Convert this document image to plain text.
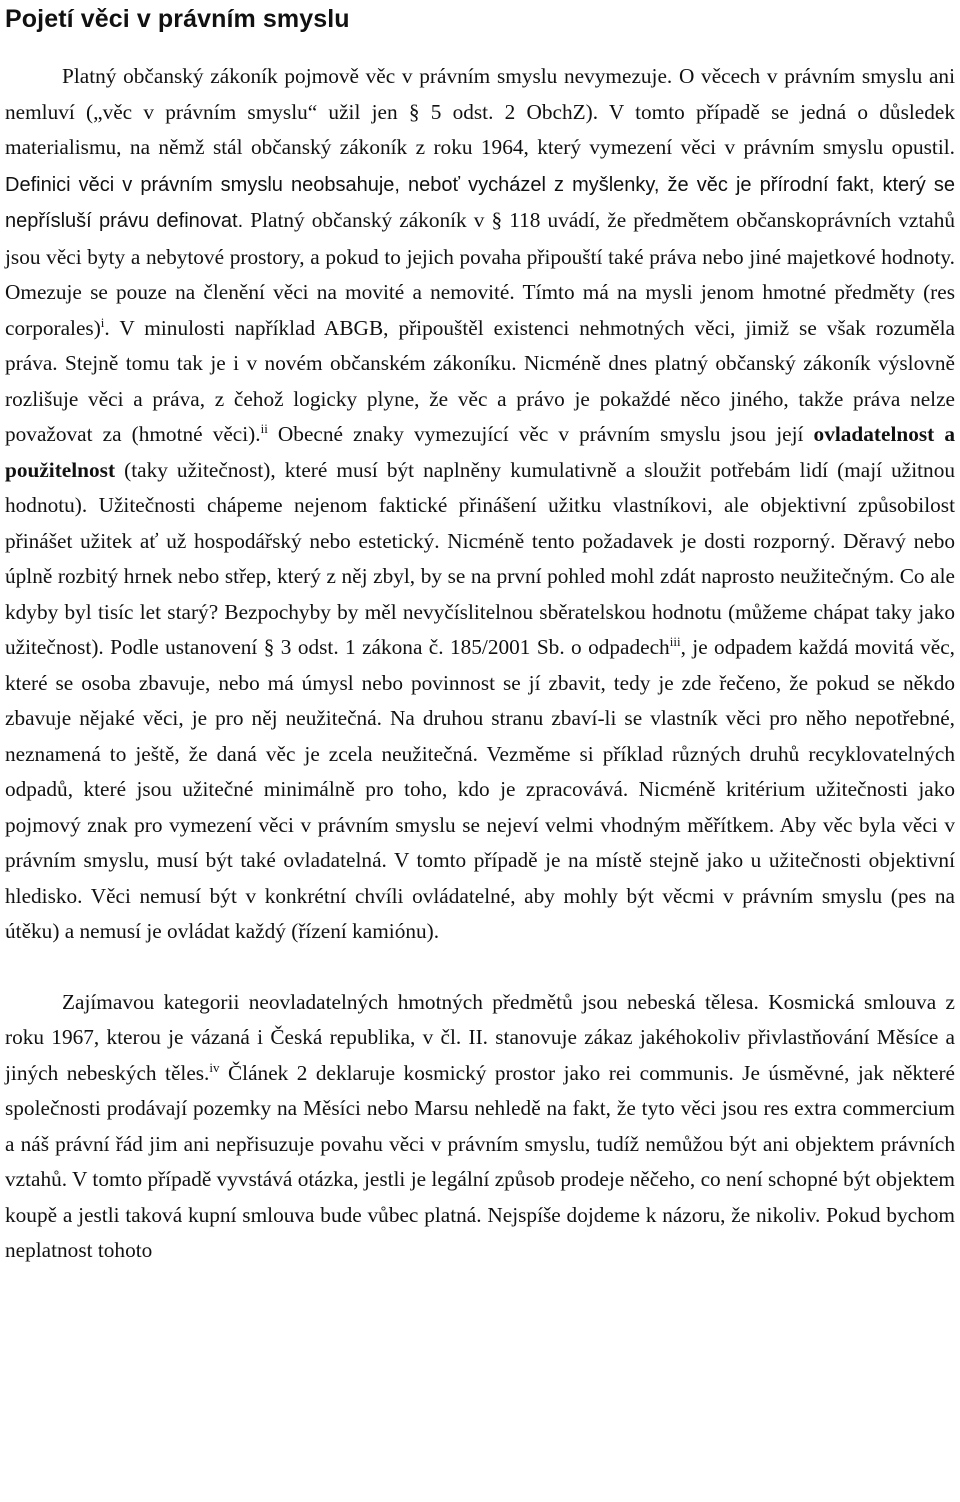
Pojetí věci v právním smyslu

Platný občanský zákoník pojmově věc v právním smyslu nevymezuje. O věcech v právním smyslu ani nemluví („věc v právním smyslu“ užil jen § 5 odst. 2 ObchZ). V tomto případě se jedná o důsledek materialismu, na němž stál občanský zákoník z roku 1964, který vymezení věci v právním smyslu opustil. Definici věci v právním smyslu neobsahuje, neboť vycházel z myšlenky, že věc je přírodní fakt, který se nepřísluší právu definovat. Platný občanský zákoník v § 118 uvádí, že předmětem občanskoprávních vztahů jsou věci byty a nebytové prostory, a pokud to jejich povaha připouští také práva nebo jiné majetkové hodnoty. Omezuje se pouze na členění věci na movité a nemovité. Tímto má na mysli jenom hmotné předměty (res corporales)$^i$. V minulosti například ABGB, připouštěl existenci nehmotných věci, jimiž se však rozuměla práva. Stejně tomu tak je i v novém občanském zákoníku. Nicméně dnes platný občanský zákoník výslovně rozlišuje věci a práva, z čehož logicky plyne, že věc a právo je pokaždé něco jiného, takže práva nelze považovat za (hmotné věci).$^{ii}$ Obecné znaky vymezující věc v právním smyslu jsou její ovladatelnost a použitelnost (taky užitečnost), které musí být naplněny kumulativně a sloužit potřebám lidí (mají užitnou hodnotu). Užitečnosti chápeme nejenom faktické přinášení užitku vlastníkovi, ale objektivní způsobilost přinášet užitek ať už hospodářský nebo estetický. Nicméně tento požadavek je dosti rozporný. Děravý nebo úplně rozbitý hrnek nebo střep, který z něj zbyl, by se na první pohled mohl zdát naprosto neužitečným. Co ale kdyby byl tisíc let starý? Bezpochyby by měl nevyčíslitelnou sběratelskou hodnotu (můžeme chápat taky jako užitečnost). Podle ustanovení § 3 odst. 1 zákona č. 185/2001 Sb. o odpadech$^{iii}$, je odpadem každá movitá věc, které se osoba zbavuje, nebo má úmysl nebo povinnost se jí zbavit, tedy je zde řečeno, že pokud se někdo zbavuje nějaké věci, je pro něj neužitečná. Na druhou stranu zbaví-li se vlastník věci pro něho nepotřebné, neznamená to ještě, že daná věc je zcela neužitečná. Vezměme si příklad různých druhů recyklovatelných odpadů, které jsou užitečné minimálně pro toho, kdo je zpracovává. Nicméně kritérium užitečnosti jako pojmový znak pro vymezení věci v právním smyslu se nejeví velmi vhodným měřítkem. Aby věc byla věci v právním smyslu, musí být také ovladatelná. V tomto případě je na místě stejně jako u užitečnosti objektivní hledisko. Věci nemusí být v konkrétní chvíli ovládatelné, aby mohly být věcmi v právním smyslu (pes na útěku) a nemusí je ovládat každý (řízení kamiónu).

Zajímavou kategorii neovladatelných hmotných předmětů jsou nebeská tělesa. Kosmická smlouva z roku 1967, kterou je vázaná i Česká republika, v čl. II. stanovuje zákaz jakéhokoliv přivlastňování Měsíce a jiných nebeských těles.$^{iv}$ Článek 2 deklaruje kosmický prostor jako rei communis. Je úsměvné, jak některé společnosti prodávají pozemky na Měsíci nebo Marsu nehledě na fakt, že tyto věci jsou res extra commercium a náš právní řád jim ani nepřisuzuje povahu věci v právním smyslu, tudíž nemůžou být ani objektem právních vztahů. V tomto případě vyvstává otázka, jestli je legální způsob prodeje něčeho, co není schopné být objektem koupě a jestli taková kupní smlouva bude vůbec platná. Nejspíše dojdeme k názoru, že nikoliv. Pokud bychom neplatnost tohoto
